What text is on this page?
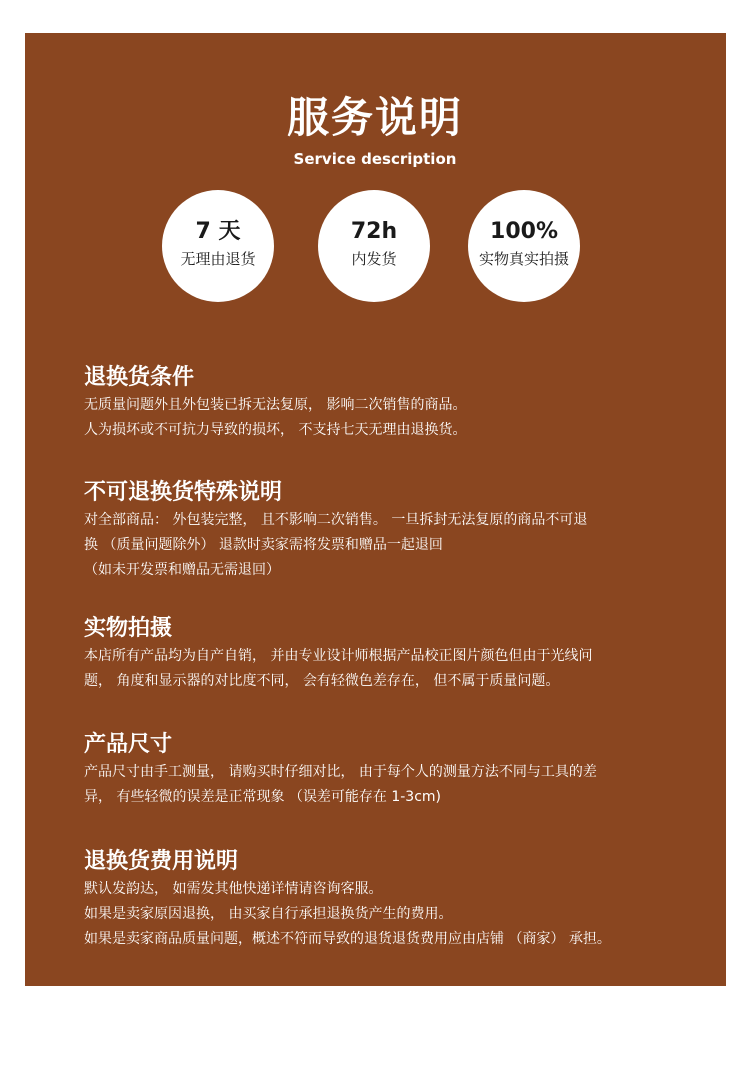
服务说明
Service description
7 天
无理由退货
72h
内发货
100%
实物真实拍摄
退换货条件
无质量问题外且外包装已拆无法复原， 影响二次销售的商品。
人为损坏或不可抗力导致的损坏， 不支持七天无理由退换货。
不可退换货特殊说明
对全部商品： 外包装完整， 且不影响二次销售。 一旦拆封无法复原的商品不可退
换 （质量问题除外） 退款时卖家需将发票和赠品一起退回
（如未开发票和赠品无需退回）
实物拍摄
本店所有产品均为自产自销， 并由专业设计师根据产品校正图片颜色但由于光线问
题， 角度和显示器的对比度不同， 会有轻微色差存在， 但不属于质量问题。
产品尺寸
产品尺寸由手工测量， 请购买时仔细对比， 由于每个人的测量方法不同与工具的差
异， 有些轻微的误差是正常现象 （误差可能存在 1-3cm)
退换货费用说明
默认发韵达， 如需发其他快递详情请咨询客服。
如果是卖家原因退换， 由买家自行承担退换货产生的费用。
如果是卖家商品质量问题，概述不符而导致的退货退货费用应由店铺 （商家） 承担。
